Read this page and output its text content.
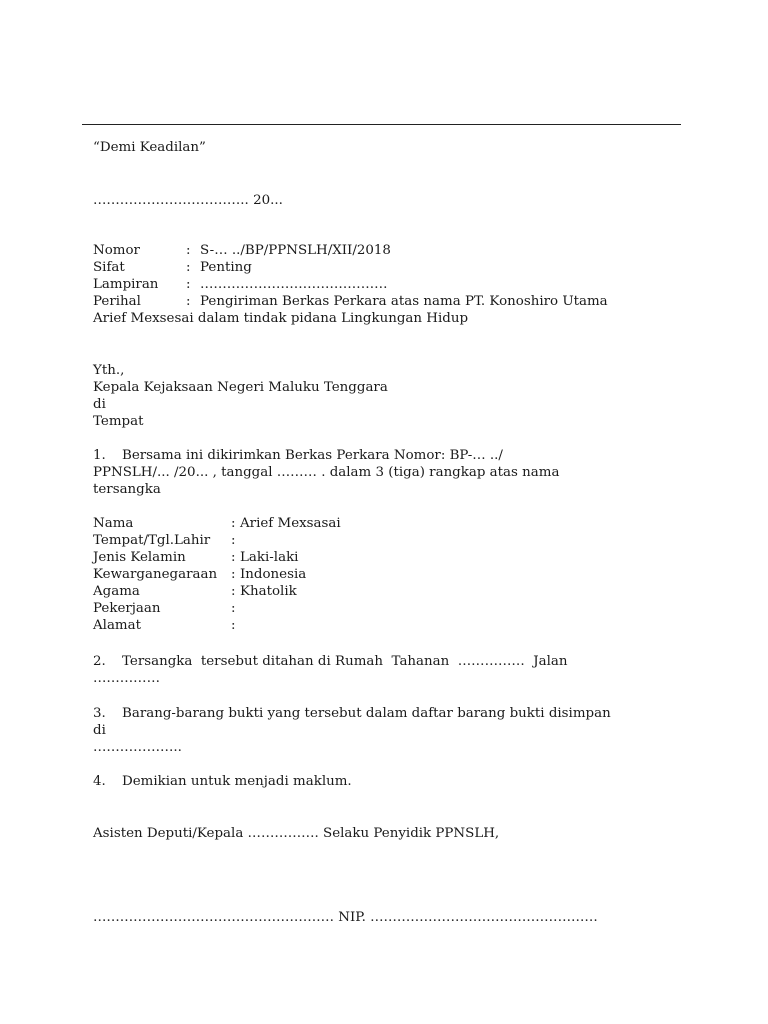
“Demi Keadilan”
…………………………….. 20...
Nomor	: S-… ../BP/PPNSLH/XII/2018
Sifat	: Penting
Lampiran : ……………………………………
Perihal	: Pengiriman Berkas Perkara atas nama PT. Konoshiro Utama
Arief Mexsesai dalam tindak pidana Lingkungan Hidup
Yth.,
Kepala Kejaksaan Negeri Maluku Tenggara
di
Tempat
1. Bersama ini dikirimkan Berkas Perkara Nomor: BP-… ../
PPNSLH/... /20... , tanggal ……… . dalam 3 (tiga) rangkap atas nama
tersangka
Nama	: Arief Mexsasai
Tempat/Tgl.Lahir :
Jenis Kelamin	: Laki-laki
Kewarganegaraan : Indonesia
Agama	: Khatolik
Pekerjaan	:
Alamat	:
2. Tersangka  tersebut ditahan di Rumah  Tahanan  ……………  Jalan
……………
3. Barang-barang bukti yang tersebut dalam daftar barang bukti disimpan
di
………………..
4. Demikian untuk menjadi maklum.
Asisten Deputi/Kepala ……………. Selaku Penyidik PPNSLH,
……………………………………………… NIP. ……………………………………………
